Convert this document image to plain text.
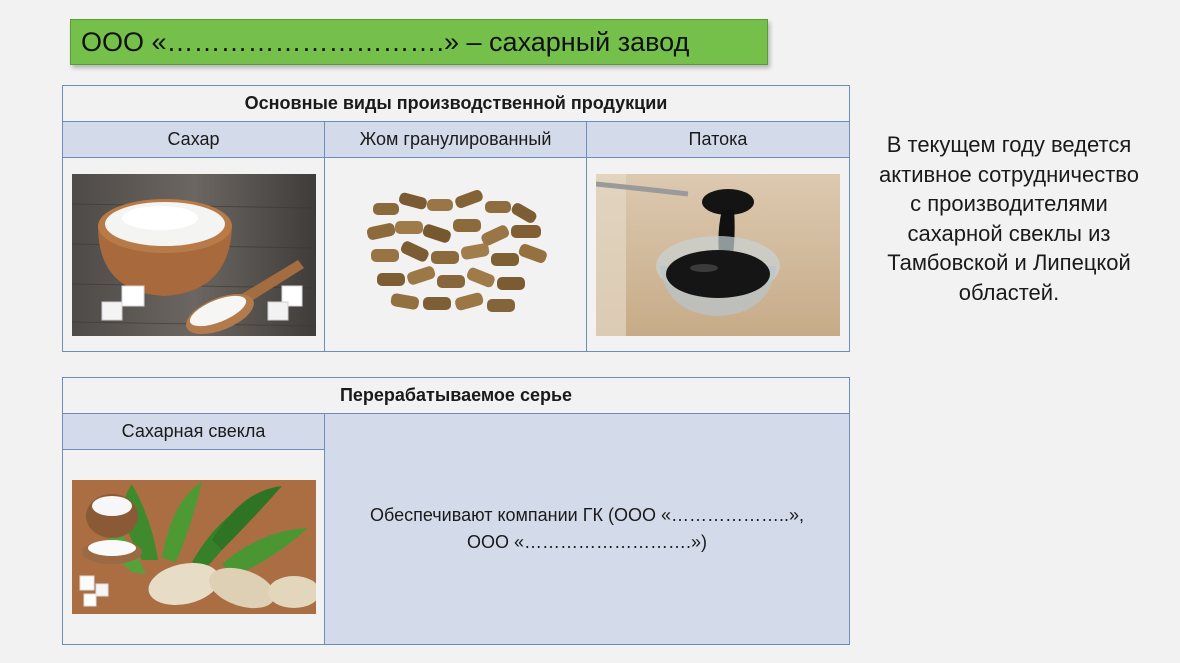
ООО «………………………….» – сахарный завод
Основные виды производственной продукции		
Сахар	Жом гранулированный	Патока

Перерабатываемое серье
Сахарная свекла	
Обеспечивают компании ГК (ООО «………………..»,
ООО «……………………….»)

В текущем году ведется активное сотрудничество с производителями сахарной свеклы из Тамбовской и Липецкой областей.
